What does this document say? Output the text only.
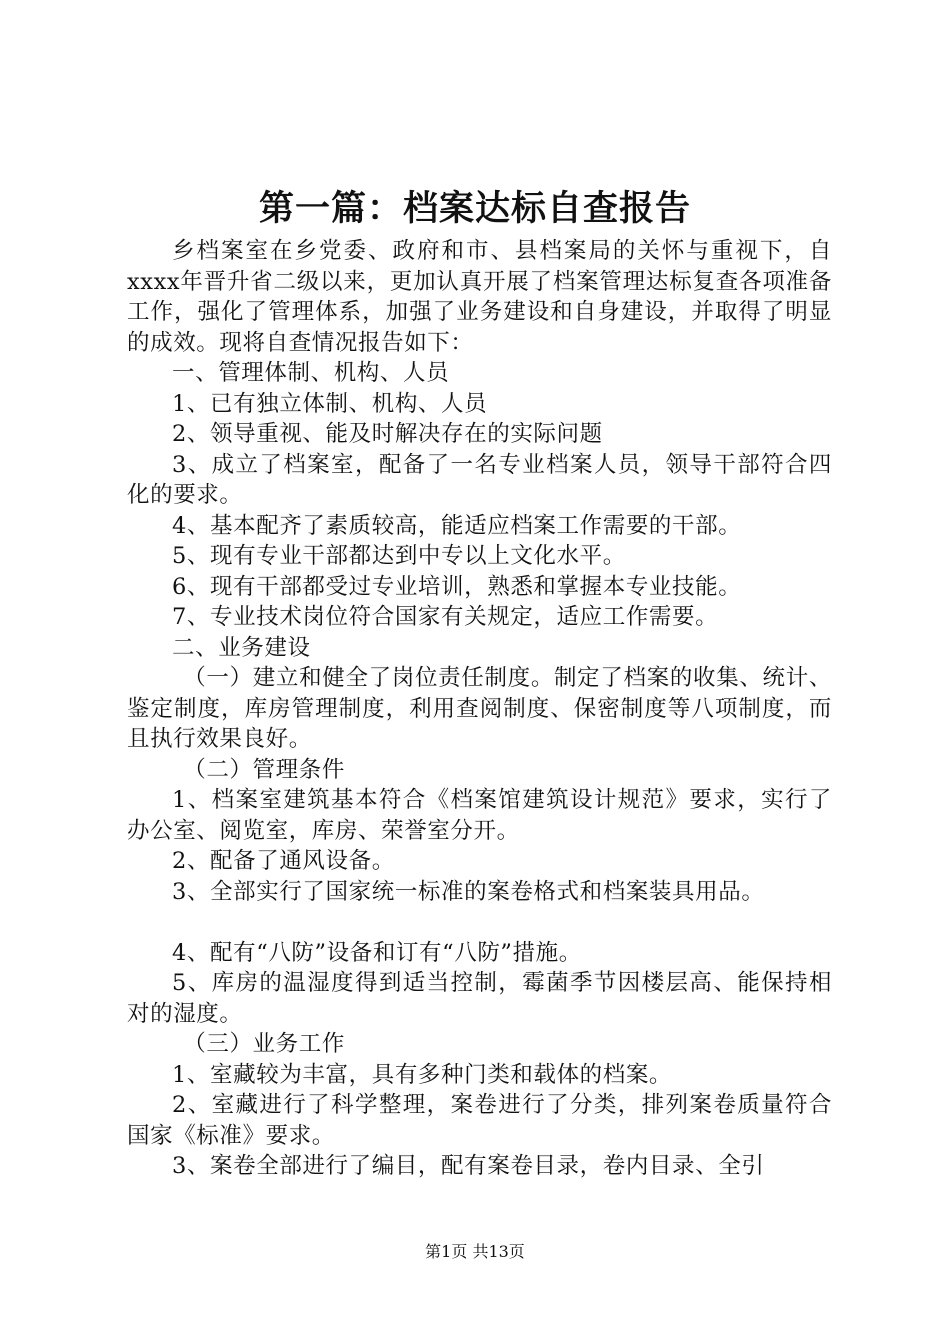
第一篇：档案达标自查报告

乡档案室在乡党委、政府和市、县档案局的关怀与重视下，自xxxx年晋升省二级以来，更加认真开展了档案管理达标复查各项准备工作，强化了管理体系，加强了业务建设和自身建设，并取得了明显的成效。现将自查情况报告如下：

一、管理体制、机构、人员

1、已有独立体制、机构、人员

2、领导重视、能及时解决存在的实际问题

3、成立了档案室，配备了一名专业档案人员，领导干部符合四化的要求。

4、基本配齐了素质较高，能适应档案工作需要的干部。

5、现有专业干部都达到中专以上文化水平。

6、现有干部都受过专业培训，熟悉和掌握本专业技能。

7、专业技术岗位符合国家有关规定，适应工作需要。

二、业务建设

（一）建立和健全了岗位责任制度。制定了档案的收集、统计、鉴定制度，库房管理制度，利用查阅制度、保密制度等八项制度，而且执行效果良好。

（二）管理条件

1、档案室建筑基本符合《档案馆建筑设计规范》要求，实行了办公室、阅览室，库房、荣誉室分开。

2、配备了通风设备。

3、全部实行了国家统一标准的案卷格式和档案装具用品。

4、配有“八防”设备和订有“八防”措施。

5、库房的温湿度得到适当控制，霉菌季节因楼层高、能保持相对的湿度。

（三）业务工作

1、室藏较为丰富，具有多种门类和载体的档案。

2、室藏进行了科学整理，案卷进行了分类，排列案卷质量符合国家《标准》要求。

3、案卷全部进行了编目，配有案卷目录，卷内目录、全引

第1页 共13页
